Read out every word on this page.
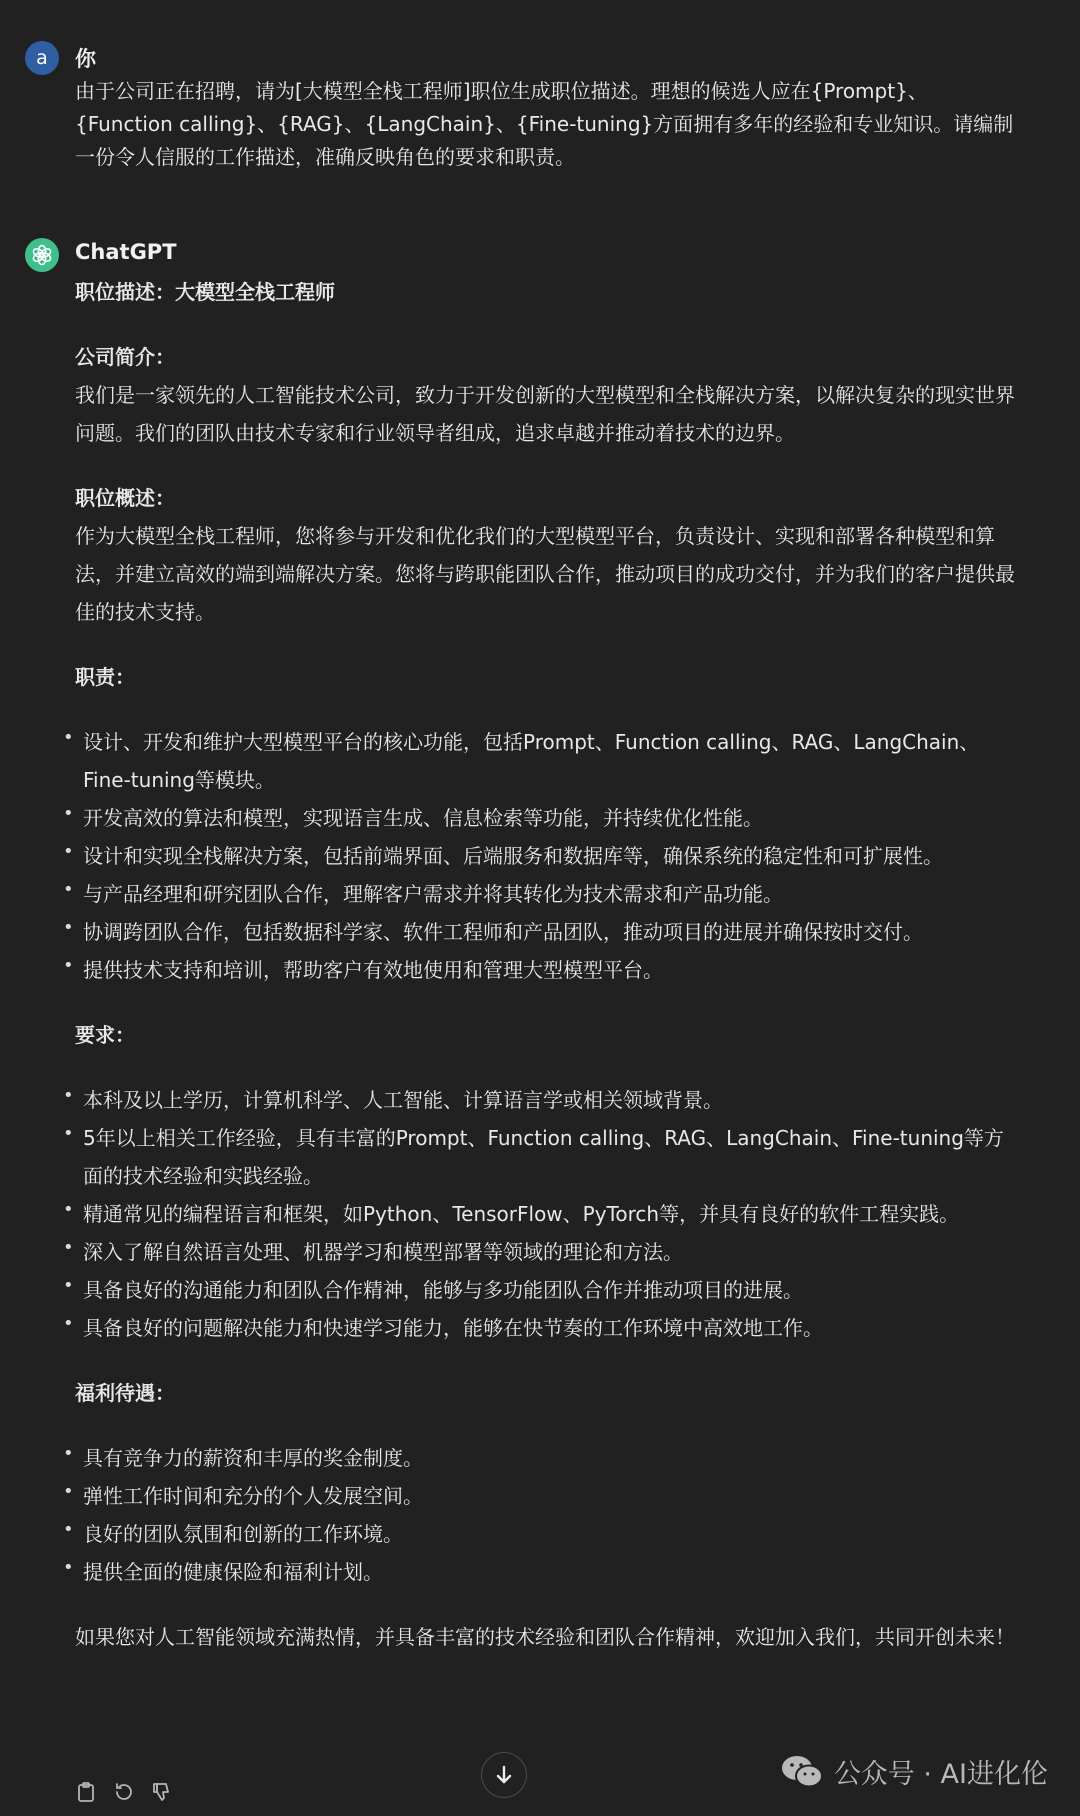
a 你
由于公司正在招聘，请为[大模型全栈工程师]职位生成职位描述。理想的候选人应在{Prompt}、{Function calling}、{RAG}、{LangChain}、{Fine-tuning}方面拥有多年的经验和专业知识。请编制一份令人信服的工作描述，准确反映角色的要求和职责。
ChatGPT

职位描述：大模型全栈工程师

公司简介：

我们是一家领先的人工智能技术公司，致力于开发创新的大型模型和全栈解决方案，以解决复杂的现实世界问题。我们的团队由技术专家和行业领导者组成，追求卓越并推动着技术的边界。

职位概述：

作为大模型全栈工程师，您将参与开发和优化我们的大型模型平台，负责设计、实现和部署各种模型和算法，并建立高效的端到端解决方案。您将与跨职能团队合作，推动项目的成功交付，并为我们的客户提供最佳的技术支持。

职责：

• 设计、开发和维护大型模型平台的核心功能，包括Prompt、Function calling、RAG、LangChain、Fine-tuning等模块。
• 开发高效的算法和模型，实现语言生成、信息检索等功能，并持续优化性能。
• 设计和实现全栈解决方案，包括前端界面、后端服务和数据库等，确保系统的稳定性和可扩展性。
• 与产品经理和研究团队合作，理解客户需求并将其转化为技术需求和产品功能。
• 协调跨团队合作，包括数据科学家、软件工程师和产品团队，推动项目的进展并确保按时交付。
• 提供技术支持和培训，帮助客户有效地使用和管理大型模型平台。

要求：

• 本科及以上学历，计算机科学、人工智能、计算语言学或相关领域背景。
• 5年以上相关工作经验，具有丰富的Prompt、Function calling、RAG、LangChain、Fine-tuning等方面的技术经验和实践经验。
• 精通常见的编程语言和框架，如Python、TensorFlow、PyTorch等，并具有良好的软件工程实践。
• 深入了解自然语言处理、机器学习和模型部署等领域的理论和方法。
• 具备良好的沟通能力和团队合作精神，能够与多功能团队合作并推动项目的进展。
• 具备良好的问题解决能力和快速学习能力，能够在快节奏的工作环境中高效地工作。

福利待遇：

• 具有竞争力的薪资和丰厚的奖金制度。
• 弹性工作时间和充分的个人发展空间。
• 良好的团队氛围和创新的工作环境。
• 提供全面的健康保险和福利计划。

如果您对人工智能领域充满热情，并具备丰富的技术经验和团队合作精神，欢迎加入我们，共同开创未来！

公众号 · AI进化伦
